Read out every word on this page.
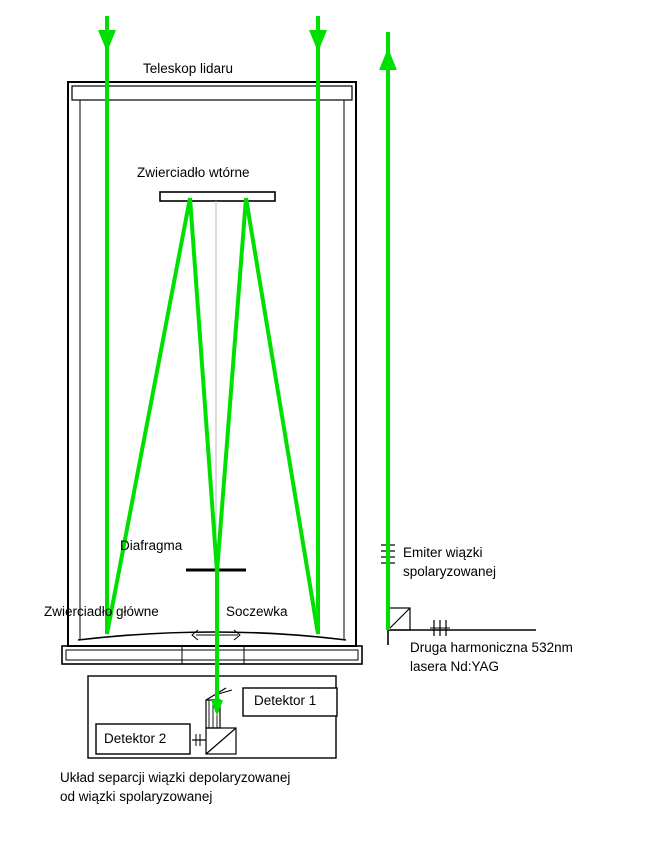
Teleskop lidaru
Zwierciadło wtórne
Diafragma
Zwierciadło główne	Soczewka
Emiter wiązki
spolaryzowanej
Druga harmoniczna 532nm
lasera Nd:YAG
Detektor 1
Detektor 2
Układ separcji wiązki depolaryzowanej
od wiązki spolaryzowanej
